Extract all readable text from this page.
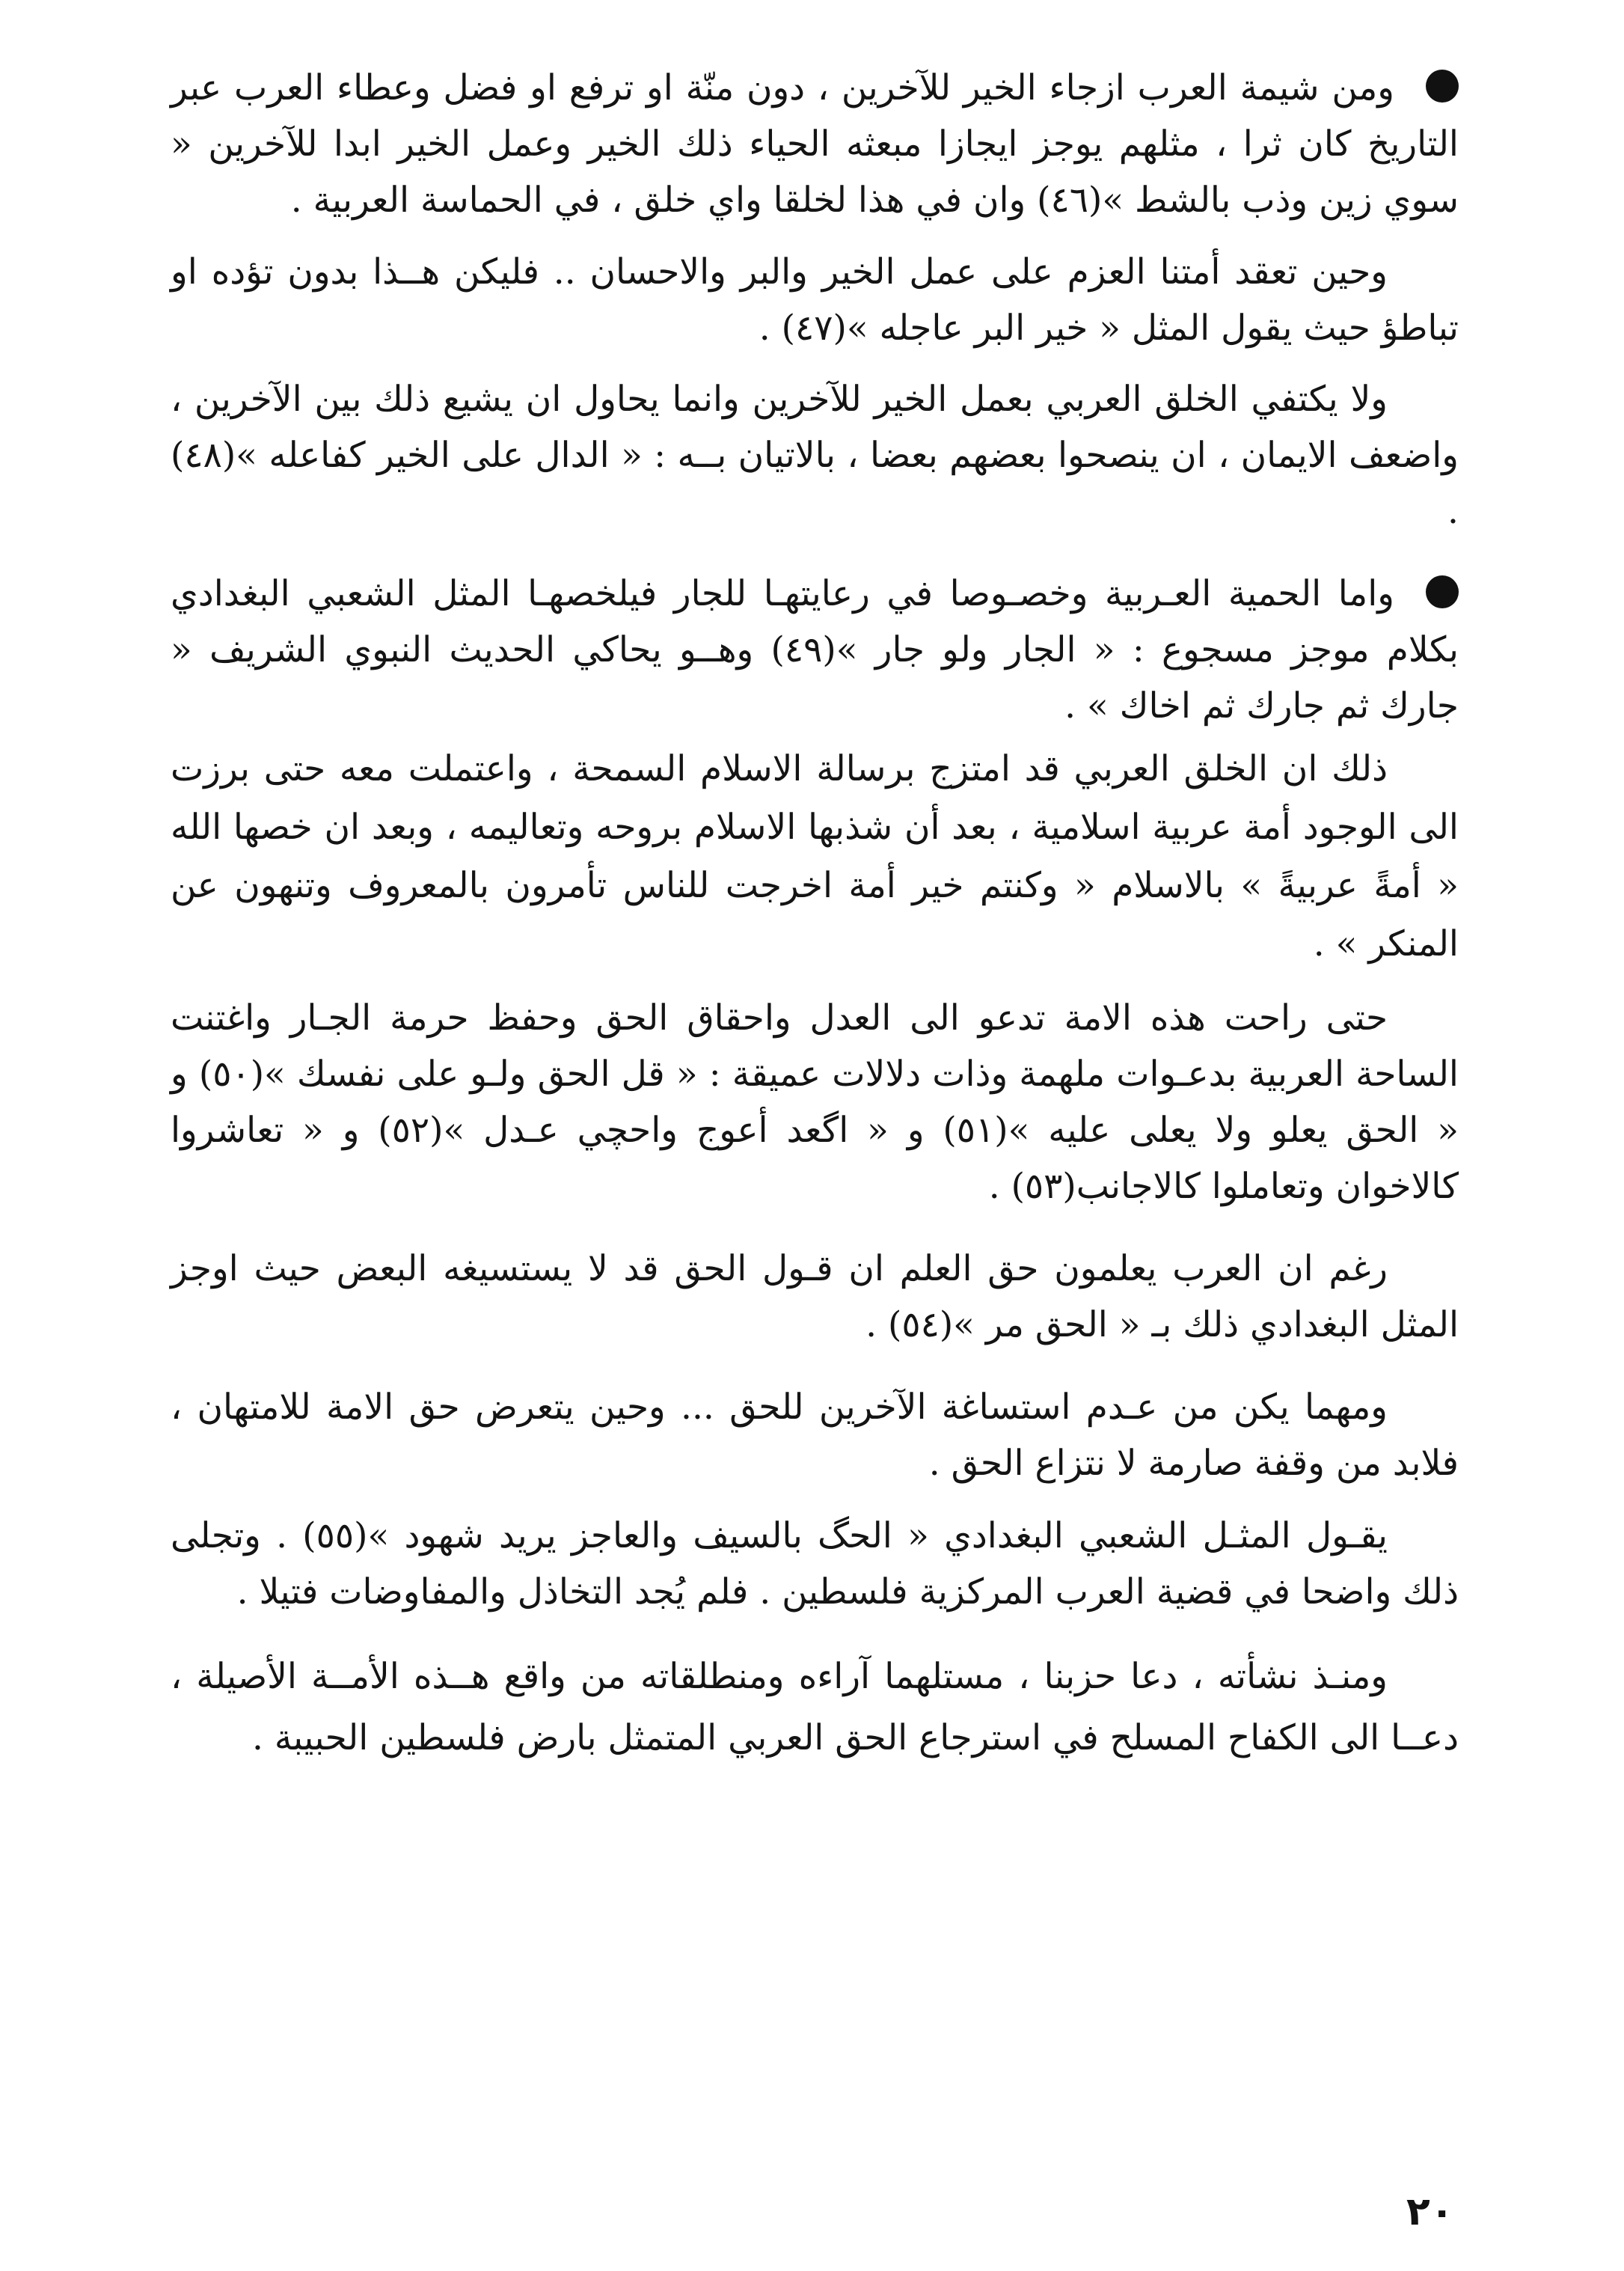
ومن شيمة العرب ازجاء الخير للآخرين ، دون منّة او ترفع او فضل وعطاء العرب عبر التاريخ كان ثرا ، مثلهم يوجز ايجازا مبعثه الحياء ذلك الخير وعمل الخير ابدا للآخرين « سوي زين وذب بالشط »(٤٦) وان في هذا لخلقا واي خلق ، في الحماسة العربية .

وحين تعقد أمتنا العزم على عمل الخير والبر والاحسان .. فليكن هــذا بدون تؤده او تباطؤ حيث يقول المثل « خير البر عاجله »(٤٧) .

ولا يكتفي الخلق العربي بعمل الخير للآخرين وانما يحاول ان يشيع ذلك بين الآخرين ، واضعف الايمان ، ان ينصحوا بعضهم بعضا ، بالاتيان بــه : « الدال على الخير كفاعله »(٤٨) .

واما الحمية العـربية وخصـوصا في رعايتهـا للجار فيلخصهـا المثل الشعبي البغدادي بكلام موجز مسجوع : « الجار ولو جار »(٤٩) وهــو يحاكي الحديث النبوي الشريف « جارك ثم جارك ثم اخاك » .

ذلك ان الخلق العربي قد امتزج برسالة الاسلام السمحة ، واعتملت معه حتى برزت الى الوجود أمة عربية اسلامية ، بعد أن شذبها الاسلام بروحه وتعاليمه ، وبعد ان خصها الله « أمةً عربيةً » بالاسلام « وكنتم خير أمة اخرجت للناس تأمرون بالمعروف وتنهون عن المنكر » .

حتى راحت هذه الامة تدعو الى العدل واحقاق الحق وحفظ حرمة الجـار واغتنت الساحة العربية بدعـوات ملهمة وذات دلالات عميقة : « قل الحق ولـو على نفسك »(٥٠) و « الحق يعلو ولا يعلى عليه »(٥١) و « اگعد أعوج واحچي عـدل »(٥٢) و « تعاشروا كالاخوان وتعاملوا كالاجانب(٥٣) .

رغم ان العرب يعلمون حق العلم ان قـول الحق قد لا يستسيغه البعض حيث اوجز المثل البغدادي ذلك بـ « الحق مر »(٥٤) .

ومهما يكن من عـدم استساغة الآخرين للحق ... وحين يتعرض حق الامة للامتهان ، فلابد من وقفة صارمة لا نتزاع الحق .

يقـول المثـل الشعبي البغدادي « الحگ بالسيف والعاجز يريد شهود »(٥٥) . وتجلى ذلك واضحا في قضية العرب المركزية فلسطين . فلم يُجد التخاذل والمفاوضات فتيلا .

ومنـذ نشأته ، دعا حزبنا ، مستلهما آراءه ومنطلقاته من واقع هــذه الأمــة الأصيلة ، دعــا الى الكفاح المسلح في استرجاع الحق العربي المتمثل بارض فلسطين الحبيبة .

٢٠
